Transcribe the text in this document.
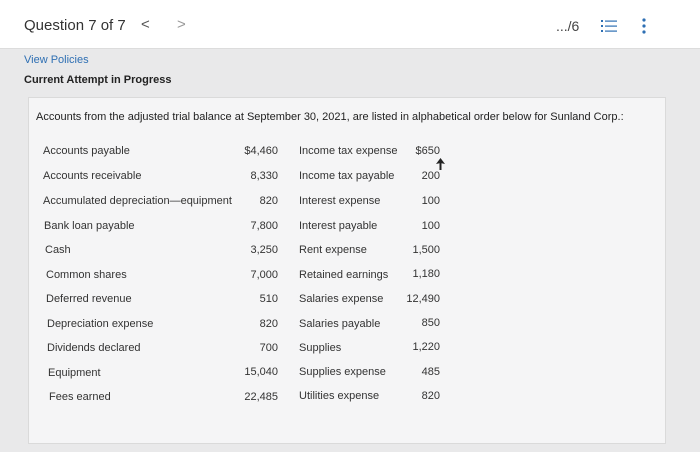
Question 7 of 7 < >	.../6
View Policies
Current Attempt in Progress
Accounts from the adjusted trial balance at September 30, 2021, are listed in alphabetical order below for Sunland Corp.:
Accounts payable	$4,460
Accounts receivable	8,330
Accumulated depreciation—equipment	820
Bank loan payable	7,800
Cash	3,250
Common shares	7,000
Deferred revenue	510
Depreciation expense	820
Dividends declared	700
Equipment	15,040
Fees earned	22,485
Income tax expense	$650
Income tax payable	200
Interest expense	100
Interest payable	100
Rent expense	1,500
Retained earnings	1,180
Salaries expense	12,490
Salaries payable	850
Supplies	1,220
Supplies expense	485
Utilities expense	820
